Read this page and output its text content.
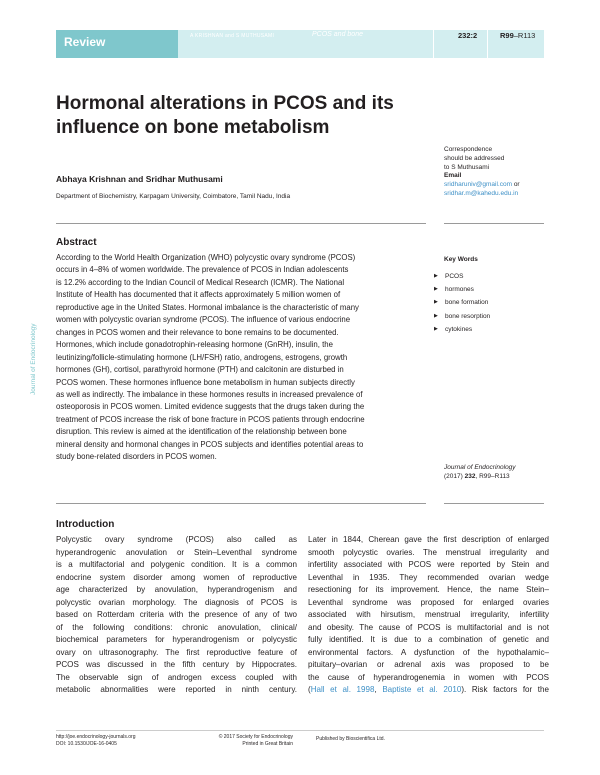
Review	A KRISHNAN and S MUTHUSAMI	PCOS and bone	232:2	R99–R113
Hormonal alterations in PCOS and its influence on bone metabolism
Abhaya Krishnan and Sridhar Muthusami
Department of Biochemistry, Karpagam University, Coimbatore, Tamil Nadu, India
Correspondence
should be addressed
to S Muthusami
Email
sridharuniv@gmail.com or
sridhar.m@kahedu.edu.in
Abstract
According to the World Health Organization (WHO) polycystic ovary syndrome (PCOS)
occurs in 4–8% of women worldwide. The prevalence of PCOS in Indian adolescents
is 12.2% according to the Indian Council of Medical Research (ICMR). The National
Institute of Health has documented that it affects approximately 5 million women of
reproductive age in the United States. Hormonal imbalance is the characteristic of many
women with polycystic ovarian syndrome (PCOS). The influence of various endocrine
changes in PCOS women and their relevance to bone remains to be documented.
Hormones, which include gonadotrophin-releasing hormone (GnRH), insulin, the
leutinizing/follicle-stimulating hormone (LH/FSH) ratio, androgens, estrogens, growth
hormones (GH), cortisol, parathyroid hormone (PTH) and calcitonin are disturbed in
PCOS women. These hormones influence bone metabolism in human subjects directly
as well as indirectly. The imbalance in these hormones results in increased prevalence of
osteoporosis in PCOS women. Limited evidence suggests that the drugs taken during the
treatment of PCOS increase the risk of bone fracture in PCOS patients through endocrine
disruption. This review is aimed at the identification of the relationship between bone
mineral density and hormonal changes in PCOS subjects and identifies potential areas to
study bone-related disorders in PCOS women.
Key Words
▶ PCOS
▶ hormones
▶ bone formation
▶ bone resorption
▶ cytokines
Journal of Endocrinology
(2017) 232, R99–R113
Journal of Endocrinology
Introduction
Polycystic ovary syndrome (PCOS) also called as
hyperandrogenic anovulation or Stein–Leventhal syndrome
is a multifactorial and polygenic condition. It is a common
endocrine system disorder among women of reproductive
age characterized by anovulation, hyperandrogenism and
polycystic ovarian morphology. The diagnosis of PCOS is
based on Rotterdam criteria with the presence of any of two
of the following conditions: chronic anovulation, clinical/
biochemical parameters for hyperandrogenism or polycystic
ovary on ultrasonography. The first reproductive feature of
PCOS was discussed in the fifth century by Hippocrates.
The observable sign of androgen excess coupled with
metabolic abnormalities were reported in ninth century.
Later in 1844, Cherean gave the first description of enlarged
smooth polycystic ovaries. The menstrual irregularity and
infertility associated with PCOS were reported by Stein and
Leventhal in 1935. They recommended ovarian wedge
resectioning for its improvement. Hence, the name Stein–
Leventhal syndrome was proposed for enlarged ovaries
associated with hirsutism, menstrual irregularity, infertility
and obesity. The cause of PCOS is multifactorial and is not
fully identified. It is due to a combination of genetic and
environmental factors. A dysfunction of the hypothalamic–
pituitary–ovarian or adrenal axis was proposed to be
the cause of hyperandrogenemia in women with PCOS
(Hall et al. 1998, Baptiste et al. 2010). Risk factors for the
http://joe.endocrinology-journals.org
DOI: 10.1530/JOE-16-0405
© 2017 Society for Endocrinology
Printed in Great Britain
Published by Bioscientifica Ltd.
